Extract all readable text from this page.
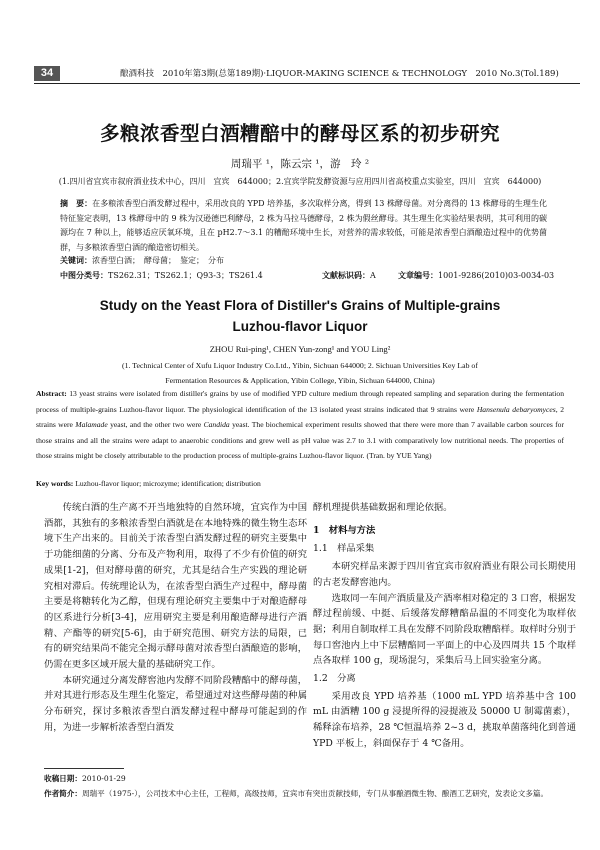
34	酿酒科技　2010年第3期(总第189期)·LIQUOR-MAKING SCIENCE & TECHNOLOGY　2010 No.3(Tol.189)
多粮浓香型白酒糟醅中的酵母区系的初步研究
周瑞平 ¹，陈云宗 ¹，游　玲 ²
(1.四川省宜宾市叙府酒业技术中心，四川　宜宾　644000；2.宜宾学院发酵资源与应用四川省高校重点实验室，四川　宜宾　644000)
摘　要：在多粮浓香型白酒发酵过程中，采用改良的 YPD 培养基，多次取样分离，得到 13 株酵母菌。对分离得的 13 株酵母的生理生化特征鉴定表明，13 株酵母中的 9 株为汉逊德巴利酵母，2 株为马拉马德酵母，2 株为假丝酵母。其生理生化实验结果表明，其可利用的碳源均在 7 种以上，能够适应厌氧环境，且在 pH2.7～3.1 的糟醅环境中生长，对营养的需求较低，可能是浓香型白酒酿造过程中的优势菌群，与多粮浓香型白酒的酿造密切相关。
关键词：浓香型白酒；　酵母菌；　鉴定；　分布
中图分类号：TS262.31；TS262.1；Q93-3；TS261.4	文献标识码：A	文章编号：1001-9286(2010)03-0034-03
Study on the Yeast Flora of Distiller's Grains of Multiple-grains
Luzhou-flavor Liquor
ZHOU Rui-ping¹, CHEN Yun-zong¹ and YOU Ling²
(1. Technical Center of Xufu Liquor Industry Co.Ltd., Yibin, Sichuan 644000; 2. Sichuan Universities Key Lab of
Fermentation Resources & Application, Yibin College, Yibin, Sichuan 644000, China)
Abstract: 13 yeast strains were isolated from distiller's grains by use of modified YPD culture medium through repeated sampling and separation during the fermentation process of multiple-grains Luzhou-flavor liquor. The physiological identification of the 13 isolated yeast strains indicated that 9 strains were Hansenula debaryomyces, 2 strains were Malamade yeast, and the other two were Candida yeast. The biochemical experiment results showed that there were more than 7 available carbon sources for those strains and all the strains were adapt to anaerobic conditions and grew well as pH value was 2.7 to 3.1 with comparatively low nutritional needs. The properties of those strains might be closely attributable to the production process of multiple-grains Luzhou-flavor liquor. (Tran. by YUE Yang)
Key words: Luzhou-flavor liquor; microzyme; identification; distribution

传统白酒的生产离不开当地独特的自然环境，宜宾作为中国酒都，其独有的多粮浓香型白酒就是在本地特殊的微生物生态环境下生产出来的。目前关于浓香型白酒发酵过程的研究主要集中于功能细菌的分离、分布及产物利用，取得了不少有价值的研究成果[1-2]，但对酵母菌的研究，尤其是结合生产实践的理论研究相对滞后。传统理论认为，在浓香型白酒生产过程中，酵母菌主要是将糖转化为乙醇，但现有理论研究主要集中于对酿造酵母的区系进行分析[3-4]，应用研究主要是利用酿造酵母进行产酒精、产酯等的研究[5-6]，由于研究范围、研究方法的局限，已有的研究结果尚不能完全揭示酵母菌对浓香型白酒酿造的影响，仍需在更多区域开展大量的基础研究工作。

本研究通过分离发酵窖池内发酵不同阶段糟醅中的酵母菌，并对其进行形态及生理生化鉴定，希望通过对这些酵母菌的种属分布研究，探讨多粮浓香型白酒发酵过程中酵母可能起到的作用，为进一步解析浓香型白酒发

酵机理提供基础数据和理论依据。

1　材料与方法
1.1　样品采集

本研究样品来源于四川省宜宾市叙府酒业有限公司长期使用的古老发酵窖池内。

选取同一车间产酒质量及产酒率相对稳定的 3 口窖，根据发酵过程前缓、中挺、后缓落发酵糟醅品温的不同变化为取样依据；利用自制取样工具在发酵不同阶段取糟醅样。取样时分别于每口窖池内上中下层糟醅同一平面上的中心及四周共 15 个取样点各取样 100 g，现场混匀，采集后马上回实验室分离。

1.2　分离

采用改良 YPD 培养基（1000 mL YPD 培养基中含 100 mL 由酒糟 100 g 浸提所得的浸提液及 50000 U 制霉菌素），稀释涂布培养，28 ℃恒温培养 2~3 d，挑取单菌落纯化到普通 YPD 平板上，斜面保存于 4 ℃备用。

收稿日期：2010-01-29
作者简介：周瑞平（1975-），公司技术中心主任，工程师，高级技师，宜宾市有突出贡献技师，专门从事酿酒微生物、酿酒工艺研究，发表论文多篇。
